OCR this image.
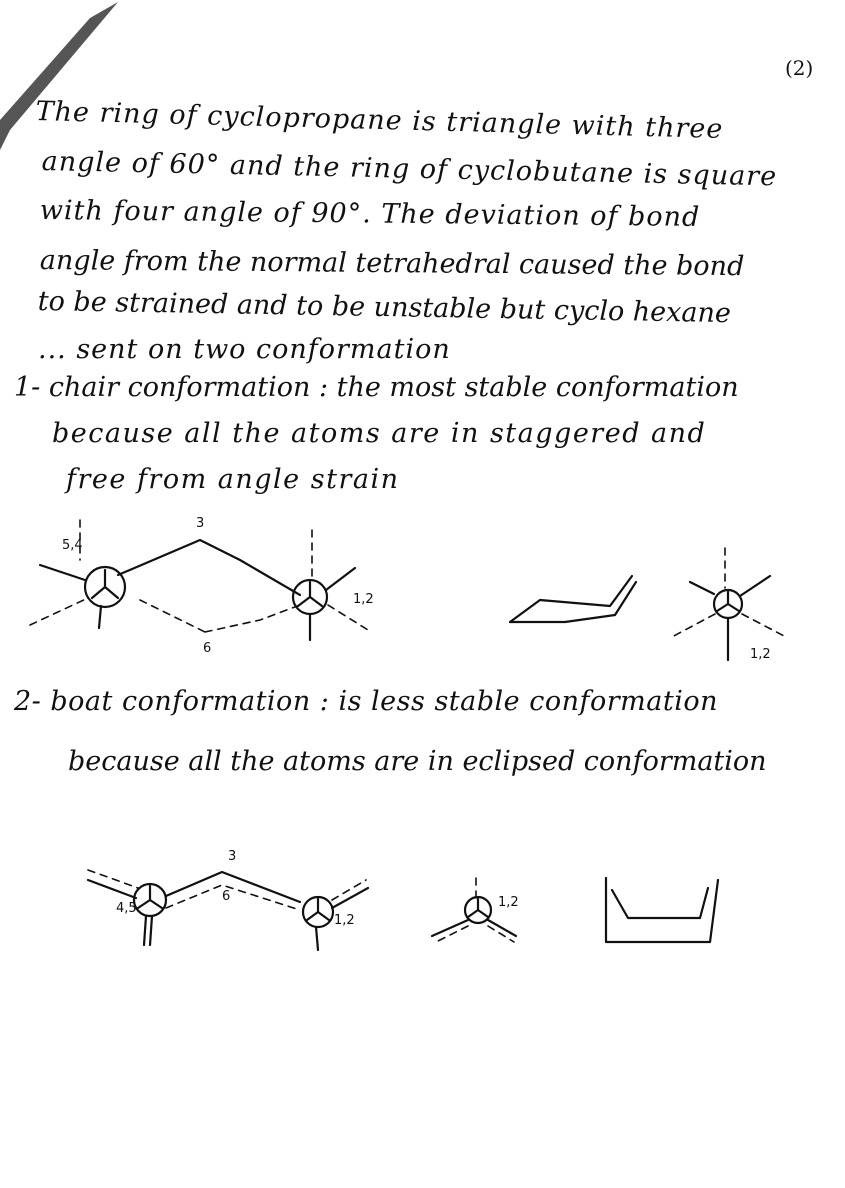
(2)
The ring of cyclopropane is triangle with three
angle of 60° and the ring of cyclobutane is square
with four angle of 90°. The deviation of bond
angle from the normal tetrahedral caused the bond
to be strained and to be unstable but cyclo hexane
... sent on two conformation
1- chair conformation : the most stable conformation
because all the atoms are in staggered and
free from angle strain
5,4
3
6
1,2
1,2
2- boat conformation : is less stable conformation
because all the atoms are in eclipsed conformation
3
6
4,5
1,2
1,2
